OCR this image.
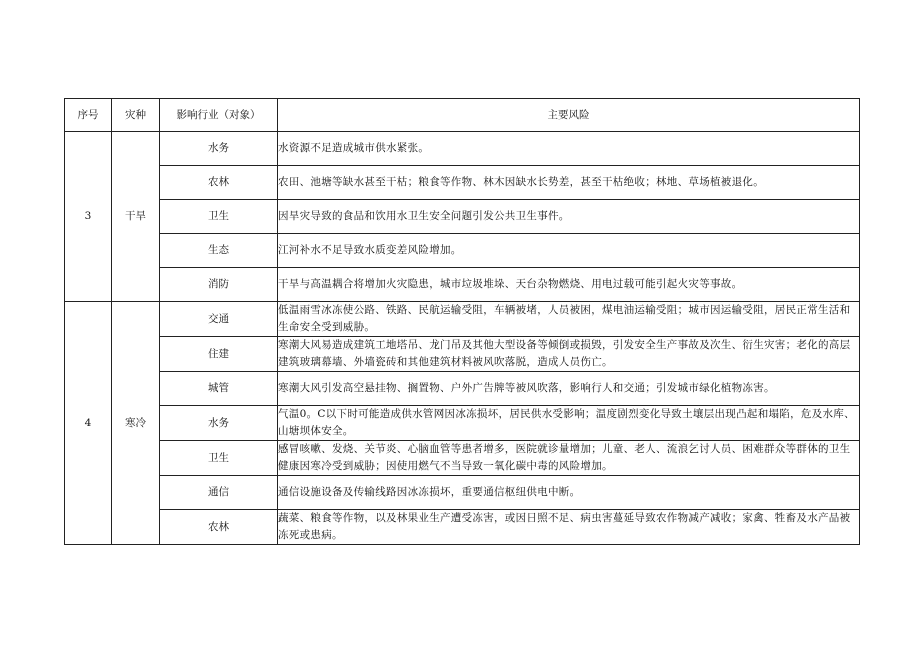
序号	灾种	影响行业（对象）	主要风险
3	干旱	水务	水资源不足造成城市供水紧张。
		农林	农田、池塘等缺水甚至干枯；粮食等作物、林木因缺水长势差，甚至干枯绝收；林地、草场植被退化。
		卫生	因旱灾导致的食品和饮用水卫生安全问题引发公共卫生事件。
		生态	江河补水不足导致水质变差风险增加。
		消防	干旱与高温耦合将增加火灾隐患，城市垃圾堆垛、天台杂物燃烧、用电过载可能引起火灾等事故。
4	寒冷	交通	低温雨雪冰冻使公路、铁路、民航运输受阻，车辆被堵，人员被困，煤电油运输受阻；城市因运输受阻，居民正常生活和生命安全受到威胁。
		住建	寒潮大风易造成建筑工地塔吊、龙门吊及其他大型设备等倾倒或损毁，引发安全生产事故及次生、衍生灾害；老化的高层建筑玻璃幕墙、外墙瓷砖和其他建筑材料被风吹落脱，造成人员伤亡。
		城管	寒潮大风引发高空悬挂物、搁置物、户外广告牌等被风吹落，影响行人和交通；引发城市绿化植物冻害。
		水务	气温0。C以下时可能造成供水管网因冰冻损坏，居民供水受影响；温度剧烈变化导致土壤层出现凸起和塌陷，危及水库、山塘坝体安全。
		卫生	感冒咳嗽、发烧、关节炎、心脑血管等患者增多，医院就诊量增加；儿童、老人、流浪乞讨人员、困难群众等群体的卫生健康因寒冷受到威胁；因使用燃气不当导致一氧化碳中毒的风险增加。
		通信	通信设施设备及传输线路因冰冻损坏，重要通信枢纽供电中断。
		农林	蔬菜、粮食等作物，以及林果业生产遭受冻害，或因日照不足、病虫害蔓延导致农作物减产减收；家禽、牲畜及水产品被冻死或患病。
